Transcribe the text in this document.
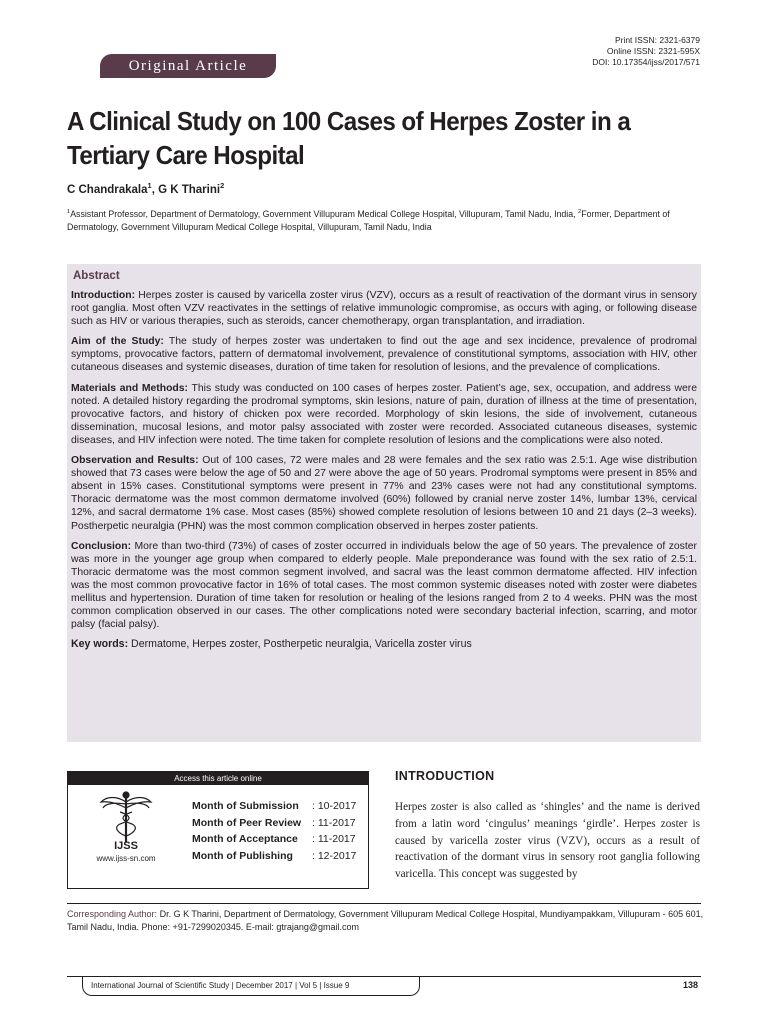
Original Article
Print ISSN: 2321-6379
Online ISSN: 2321-595X
DOI: 10.17354/ijss/2017/571
A Clinical Study on 100 Cases of Herpes Zoster in a Tertiary Care Hospital
C Chandrakala$^1$, G K Tharini$^2$
$^1$Assistant Professor, Department of Dermatology, Government Villupuram Medical College Hospital, Villupuram, Tamil Nadu, India, $^2$Former, Department of Dermatology, Government Villupuram Medical College Hospital, Villupuram, Tamil Nadu, India
Abstract

Introduction: Herpes zoster is caused by varicella zoster virus (VZV), occurs as a result of reactivation of the dormant virus in sensory root ganglia. Most often VZV reactivates in the settings of relative immunologic compromise, as occurs with aging, or following disease such as HIV or various therapies, such as steroids, cancer chemotherapy, organ transplantation, and irradiation.

Aim of the Study: The study of herpes zoster was undertaken to find out the age and sex incidence, prevalence of prodromal symptoms, provocative factors, pattern of dermatomal involvement, prevalence of constitutional symptoms, association with HIV, other cutaneous diseases and systemic diseases, duration of time taken for resolution of lesions, and the prevalence of complications.

Materials and Methods: This study was conducted on 100 cases of herpes zoster. Patient’s age, sex, occupation, and address were noted. A detailed history regarding the prodromal symptoms, skin lesions, nature of pain, duration of illness at the time of presentation, provocative factors, and history of chicken pox were recorded. Morphology of skin lesions, the side of involvement, cutaneous dissemination, mucosal lesions, and motor palsy associated with zoster were recorded. Associated cutaneous diseases, systemic diseases, and HIV infection were noted. The time taken for complete resolution of lesions and the complications were also noted.

Observation and Results: Out of 100 cases, 72 were males and 28 were females and the sex ratio was 2.5:1. Age wise distribution showed that 73 cases were below the age of 50 and 27 were above the age of 50 years. Prodromal symptoms were present in 85% and absent in 15% cases. Constitutional symptoms were present in 77% and 23% cases were not had any constitutional symptoms. Thoracic dermatome was the most common dermatome involved (60%) followed by cranial nerve zoster 14%, lumbar 13%, cervical 12%, and sacral dermatome 1% case. Most cases (85%) showed complete resolution of lesions between 10 and 21 days (2–3 weeks). Postherpetic neuralgia (PHN) was the most common complication observed in herpes zoster patients.

Conclusion: More than two-third (73%) of cases of zoster occurred in individuals below the age of 50 years. The prevalence of zoster was more in the younger age group when compared to elderly people. Male preponderance was found with the sex ratio of 2.5:1. Thoracic dermatome was the most common segment involved, and sacral was the least common dermatome affected. HIV infection was the most common provocative factor in 16% of total cases. The most common systemic diseases noted with zoster were diabetes mellitus and hypertension. Duration of time taken for resolution or healing of the lesions ranged from 2 to 4 weeks. PHN was the most common complication observed in our cases. The other complications noted were secondary bacterial infection, scarring, and motor palsy (facial palsy).

Key words: Dermatome, Herpes zoster, Postherpetic neuralgia, Varicella zoster virus

Access this article online
IJSS
www.ijss-sn.com
Month of Submission	: 10-2017
Month of Peer Review	: 11-2017
Month of Acceptance	: 11-2017
Month of Publishing	: 12-2017
INTRODUCTION
Herpes zoster is also called as ‘shingles’ and the name is derived from a latin word ‘cingulus’ meanings ‘girdle’. Herpes zoster is caused by varicella zoster virus (VZV), occurs as a result of reactivation of the dormant virus in sensory root ganglia following varicella. This concept was suggested by
Corresponding Author: Dr. G K Tharini, Department of Dermatology, Government Villupuram Medical College Hospital, Mundiyampakkam, Villupuram - 605 601, Tamil Nadu, India. Phone: +91-7299020345. E-mail: gtrajang@gmail.com
International Journal of Scientific Study | December 2017 | Vol 5 | Issue 9	138
